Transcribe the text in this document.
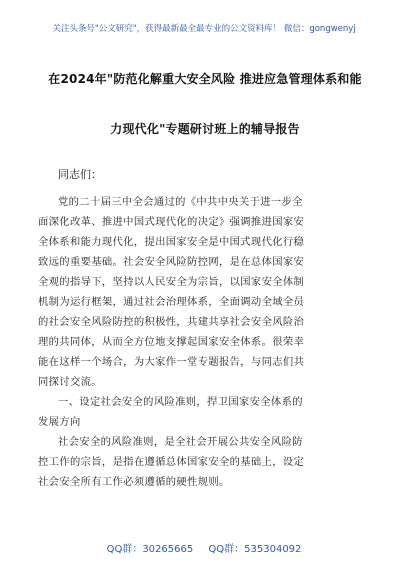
关注头条号"公文研究"，获得最新最全最专业的公文资料库！ 微信：gongwenyj
在2024年"防范化解重大安全风险 推进应急管理体系和能
力现代化"专题研讨班上的辅导报告
同志们：
党的二十届三中全会通过的《中共中央关于进一步全
面深化改革、推进中国式现代化的决定》强调推进国家安
全体系和能力现代化，提出国家安全是中国式现代化行稳
致远的重要基础。社会安全风险防控网，是在总体国家安
全观的指导下，坚持以人民安全为宗旨，以国家安全体制
机制为运行框架，通过社会治理体系，全面调动全域全员
的社会安全风险防控的积极性，共建共享社会安全风险治
理的共同体，从而全方位地支撑起国家安全体系。很荣幸
能在这样一个场合，为大家作一堂专题报告，与同志们共
同探讨交流。
一、设定社会安全的风险准则，捍卫国家安全体系的
发展方向
社会安全的风险准则，是全社会开展公共安全风险防
控工作的宗旨，是指在遵循总体国家安全的基础上，设定
社会安全所有工作必须遵循的硬性规则。
QQ群：30265665 QQ群：535304092
